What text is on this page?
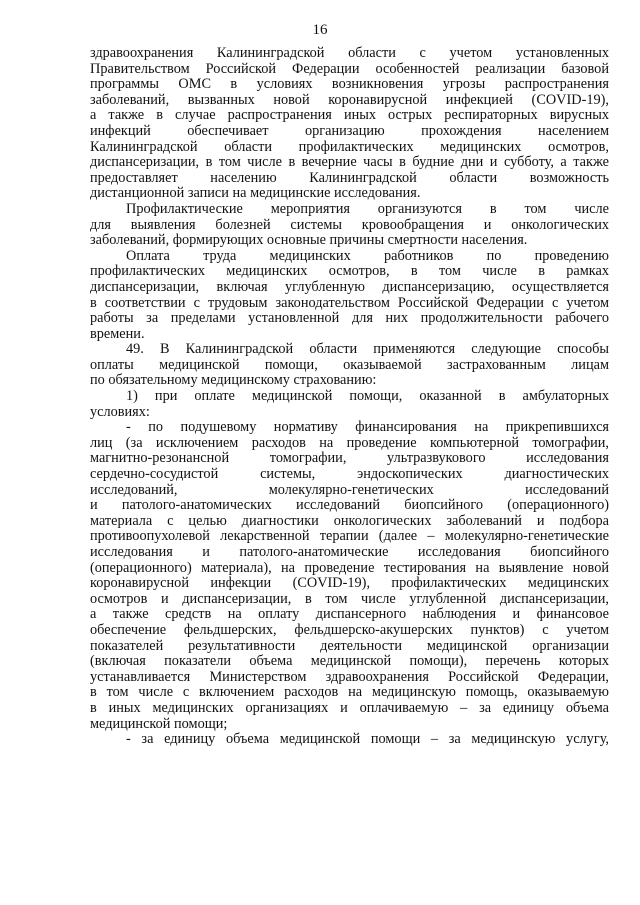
16
здравоохранения Калининградской области с учетом установленных
Правительством Российской Федерации особенностей реализации базовой
программы ОМС в условиях возникновения угрозы распространения
заболеваний, вызванных новой коронавирусной инфекцией (COVID-19),
а также в случае распространения иных острых респираторных вирусных
инфекций обеспечивает организацию прохождения населением
Калининградской области профилактических медицинских осмотров,
диспансеризации, в том числе в вечерние часы в будние дни и субботу, а также
предоставляет населению Калининградской области возможность
дистанционной записи на медицинские исследования.
Профилактические мероприятия организуются в том числе
для выявления болезней системы кровообращения и онкологических
заболеваний, формирующих основные причины смертности населения.
Оплата труда медицинских работников по проведению
профилактических медицинских осмотров, в том числе в рамках
диспансеризации, включая углубленную диспансеризацию, осуществляется
в соответствии с трудовым законодательством Российской Федерации с учетом
работы за пределами установленной для них продолжительности рабочего
времени.
49. В Калининградской области применяются следующие способы
оплаты медицинской помощи, оказываемой застрахованным лицам
по обязательному медицинскому страхованию:
1) при оплате медицинской помощи, оказанной в амбулаторных
условиях:
- по подушевому нормативу финансирования на прикрепившихся
лиц (за исключением расходов на проведение компьютерной томографии,
магнитно-резонансной томографии, ультразвукового исследования
сердечно-сосудистой системы, эндоскопических диагностических
исследований, молекулярно-генетических исследований
и патолого-анатомических исследований биопсийного (операционного)
материала с целью диагностики онкологических заболеваний и подбора
противоопухолевой лекарственной терапии (далее – молекулярно-генетические
исследования и патолого-анатомические исследования биопсийного
(операционного) материала), на проведение тестирования на выявление новой
коронавирусной инфекции (COVID-19), профилактических медицинских
осмотров и диспансеризации, в том числе углубленной диспансеризации,
а также средств на оплату диспансерного наблюдения и финансовое
обеспечение фельдшерских, фельдшерско-акушерских пунктов) с учетом
показателей результативности деятельности медицинской организации
(включая показатели объема медицинской помощи), перечень которых
устанавливается Министерством здравоохранения Российской Федерации,
в том числе с включением расходов на медицинскую помощь, оказываемую
в иных медицинских организациях и оплачиваемую – за единицу объема
медицинской помощи;
- за единицу объема медицинской помощи – за медицинскую услугу,
